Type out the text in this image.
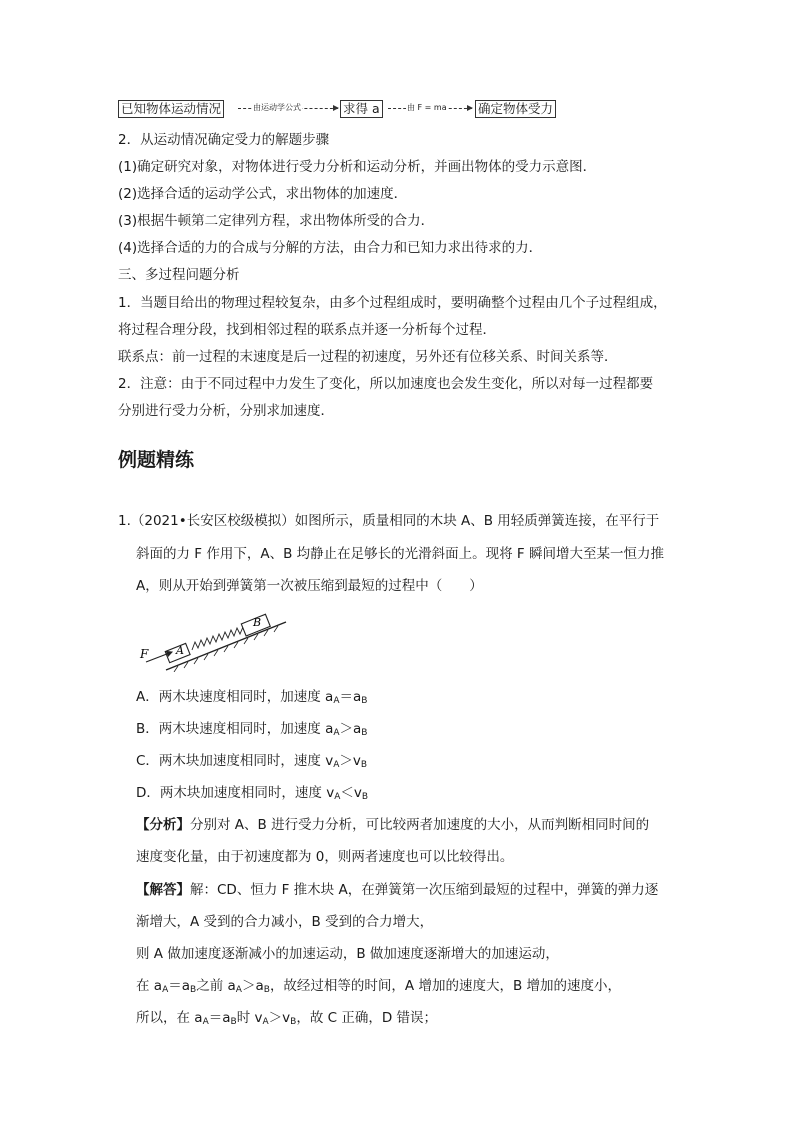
已知物体运动情况	由运动学公式	求得 a	由 F = ma	确定物体受力
2．从运动情况确定受力的解题步骤
(1)确定研究对象，对物体进行受力分析和运动分析，并画出物体的受力示意图．
(2)选择合适的运动学公式，求出物体的加速度．
(3)根据牛顿第二定律列方程，求出物体所受的合力．
(4)选择合适的力的合成与分解的方法，由合力和已知力求出待求的力．
三、多过程问题分析
1．当题目给出的物理过程较复杂，由多个过程组成时，要明确整个过程由几个子过程组成，
将过程合理分段，找到相邻过程的联系点并逐一分析每个过程．
联系点：前一过程的末速度是后一过程的初速度，另外还有位移关系、时间关系等．
2．注意：由于不同过程中力发生了变化，所以加速度也会发生变化，所以对每一过程都要
分别进行受力分析，分别求加速度．
例题精练
1.（2021•长安区校级模拟）如图所示，质量相同的木块 A、B 用轻质弹簧连接，在平行于
斜面的力 F 作用下，A、B 均静止在足够长的光滑斜面上。现将 F 瞬间增大至某一恒力推
A，则从开始到弹簧第一次被压缩到最短的过程中（　　）
F	A
B
A．两木块速度相同时，加速度 $a_A=a_B$
B．两木块速度相同时，加速度 $a_A>a_B$
C．两木块加速度相同时，速度 $v_A>v_B$
D．两木块加速度相同时，速度 $v_A<v_B$
【分析】分别对 A、B 进行受力分析，可比较两者加速度的大小，从而判断相同时间的
速度变化量，由于初速度都为 0，则两者速度也可以比较得出。
【解答】解：CD、恒力 F 推木块 A，在弹簧第一次压缩到最短的过程中，弹簧的弹力逐
渐增大，A 受到的合力减小，B 受到的合力增大，
则 A 做加速度逐渐减小的加速运动，B 做加速度逐渐增大的加速运动，
在 $a_A=a_B$之前 $a_A>a_B$，故经过相等的时间，A 增加的速度大，B 增加的速度小，
所以，在 $a_A=a_B$时 $v_A>v_B$，故 C 正确，D 错误；
